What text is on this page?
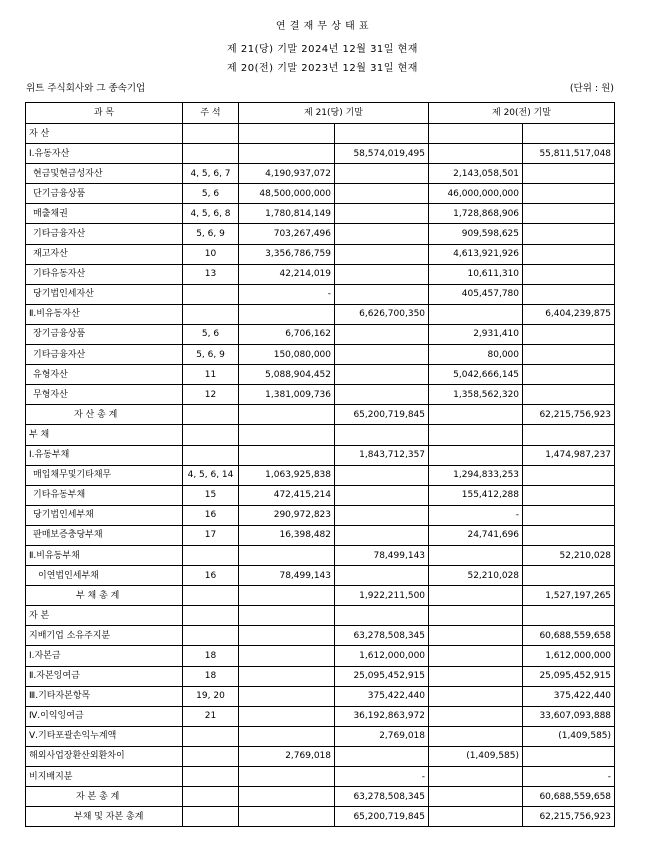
연 결 재 무 상 태 표
제 21(당) 기말 2024년 12월 31일 현재
제 20(전) 기말 2023년 12월 31일 현재
위트 주식회사와 그 종속기업	(단위 : 원)
과 목	주 석	제 21(당) 기말		제 20(전) 기말	
자 산					
Ⅰ.유동자산			58,574,019,495		55,811,517,048
현금및현금성자산	4, 5, 6, 7	4,190,937,072		2,143,058,501	
단기금융상품	5, 6	48,500,000,000		46,000,000,000	
매출채권	4, 5, 6, 8	1,780,814,149		1,728,868,906	
기타금융자산	5, 6, 9	703,267,496		909,598,625	
재고자산	10	3,356,786,759		4,613,921,926	
기타유동자산	13	42,214,019		10,611,310	
당기법인세자산		-		405,457,780	
Ⅱ.비유동자산			6,626,700,350		6,404,239,875
장기금융상품	5, 6	6,706,162		2,931,410	
기타금융자산	5, 6, 9	150,080,000		80,000	
유형자산	11	5,088,904,452		5,042,666,145	
무형자산	12	1,381,009,736		1,358,562,320	
자 산 총 계			65,200,719,845		62,215,756,923
부 채					
Ⅰ.유동부채			1,843,712,357		1,474,987,237
매입채무및기타채무	4, 5, 6, 14	1,063,925,838		1,294,833,253	
기타유동부채	15	472,415,214		155,412,288	
당기법인세부채	16	290,972,823		-	
판매보증충당부채	17	16,398,482		24,741,696	
Ⅱ.비유동부채			78,499,143		52,210,028
이연법인세부채	16	78,499,143		52,210,028	
부 채 총 계			1,922,211,500		1,527,197,265
자 본					
지배기업 소유주지분			63,278,508,345		60,688,559,658
Ⅰ.자본금	18		1,612,000,000		1,612,000,000
Ⅱ.자본잉여금	18		25,095,452,915		25,095,452,915
Ⅲ.기타자본항목	19, 20		375,422,440		375,422,440
Ⅳ.이익잉여금	21		36,192,863,972		33,607,093,888
Ⅴ.기타포괄손익누계액			2,769,018		(1,409,585)
해외사업장환산외환차이		2,769,018		(1,409,585)	
비지배지분			-		-
자 본 총 계			63,278,508,345		60,688,559,658
부채 및 자본 총계			65,200,719,845		62,215,756,923
